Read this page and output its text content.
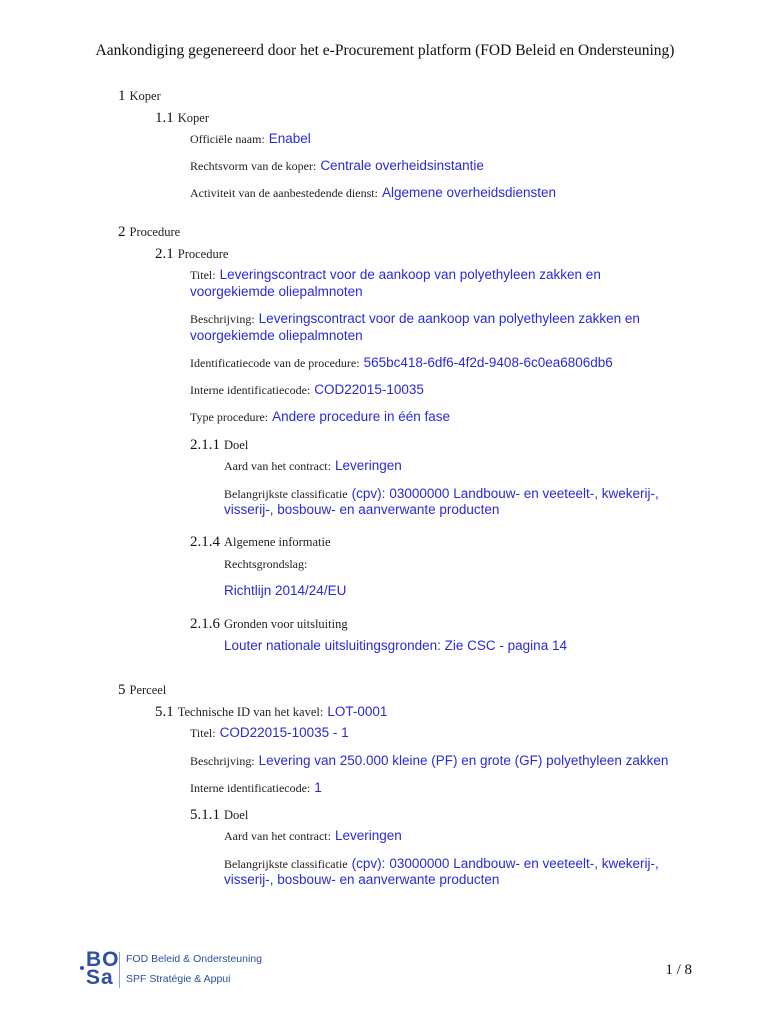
Aankondiging gegenereerd door het e-Procurement platform (FOD Beleid en Ondersteuning)
1 Koper
1.1 Koper
Officiële naam: Enabel
Rechtsvorm van de koper: Centrale overheidsinstantie
Activiteit van de aanbestedende dienst: Algemene overheidsdiensten
2 Procedure
2.1 Procedure
Titel: Leveringscontract voor de aankoop van polyethyleen zakken en
voorgekiemde oliepalmnoten
Beschrijving: Leveringscontract voor de aankoop van polyethyleen zakken en
voorgekiemde oliepalmnoten
Identificatiecode van de procedure: 565bc418-6df6-4f2d-9408-6c0ea6806db6
Interne identificatiecode: COD22015-10035
Type procedure: Andere procedure in één fase
2.1.1 Doel
Aard van het contract: Leveringen
Belangrijkste classificatie (cpv): 03000000 Landbouw- en veeteelt-, kwekerij-,
visserij-, bosbouw- en aanverwante producten
2.1.4 Algemene informatie
Rechtsgrondslag:
Richtlijn 2014/24/EU
2.1.6 Gronden voor uitsluiting
Louter nationale uitsluitingsgronden: Zie CSC - pagina 14
5 Perceel
5.1 Technische ID van het kavel: LOT-0001
Titel: COD22015-10035 - 1
Beschrijving: Levering van 250.000 kleine (PF) en grote (GF) polyethyleen zakken
Interne identificatiecode: 1
5.1.1 Doel
Aard van het contract: Leveringen
Belangrijkste classificatie (cpv): 03000000 Landbouw- en veeteelt-, kwekerij-,
visserij-, bosbouw- en aanverwante producten
BO
Sa
FOD Beleid & Ondersteuning
SPF Stratégie & Appui
1 / 8
